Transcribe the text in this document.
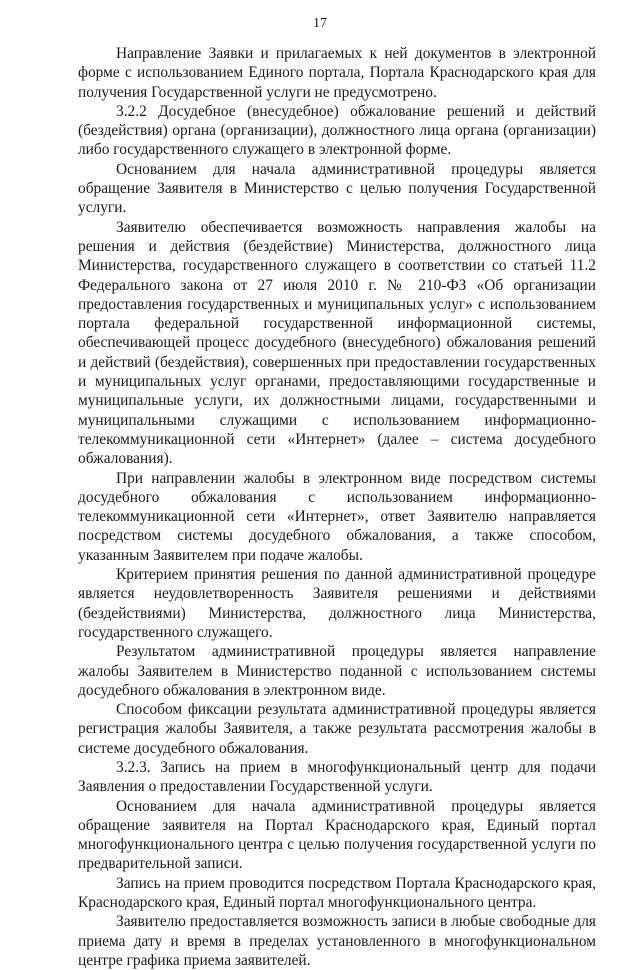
17

Направление Заявки и прилагаемых к ней документов в электронной форме с использованием Единого портала, Портала Краснодарского края для получения Государственной услуги не предусмотрено.

3.2.2 Досудебное (внесудебное) обжалование решений и действий (бездействия) органа (организации), должностного лица органа (организации) либо государственного служащего в электронной форме.

Основанием для начала административной процедуры является обращение Заявителя в Министерство с целью получения Государственной услуги.

Заявителю обеспечивается возможность направления жалобы на решения и действия (бездействие) Министерства, должностного лица Министерства, государственного служащего в соответствии со статьей 11.2 Федерального закона от 27 июля 2010 г. № 210-ФЗ «Об организации предоставления государственных и муниципальных услуг» с использованием портала федеральной государственной информационной системы, обеспечивающей процесс досудебного (внесудебного) обжалования решений и действий (бездействия), совершенных при предоставлении государственных и муниципальных услуг органами, предоставляющими государственные и муниципальные услуги, их должностными лицами, государственными и муниципальными служащими с использованием информационно-телекоммуникационной сети «Интернет» (далее – система досудебного обжалования).

При направлении жалобы в электронном виде посредством системы досудебного обжалования с использованием информационно-телекоммуникационной сети «Интернет», ответ Заявителю направляется посредством системы досудебного обжалования, а также способом, указанным Заявителем при подаче жалобы.

Критерием принятия решения по данной административной процедуре является неудовлетворенность Заявителя решениями и действиями (бездействиями) Министерства, должностного лица Министерства, государственного служащего.

Результатом административной процедуры является направление жалобы Заявителем в Министерство поданной с использованием системы досудебного обжалования в электронном виде.

Способом фиксации результата административной процедуры является регистрация жалобы Заявителя, а также результата рассмотрения жалобы в системе досудебного обжалования.

3.2.3. Запись на прием в многофункциональный центр для подачи Заявления о предоставлении Государственной услуги.

Основанием для начала административной процедуры является обращение заявителя на Портал Краснодарского края, Единый портал многофункционального центра с целью получения государственной услуги по предварительной записи.

Запись на прием проводится посредством Портала Краснодарского края, Краснодарского края, Единый портал многофункционального центра.

Заявителю предоставляется возможность записи в любые свободные для приема дату и время в пределах установленного в многофункциональном центре графика приема заявителей.
